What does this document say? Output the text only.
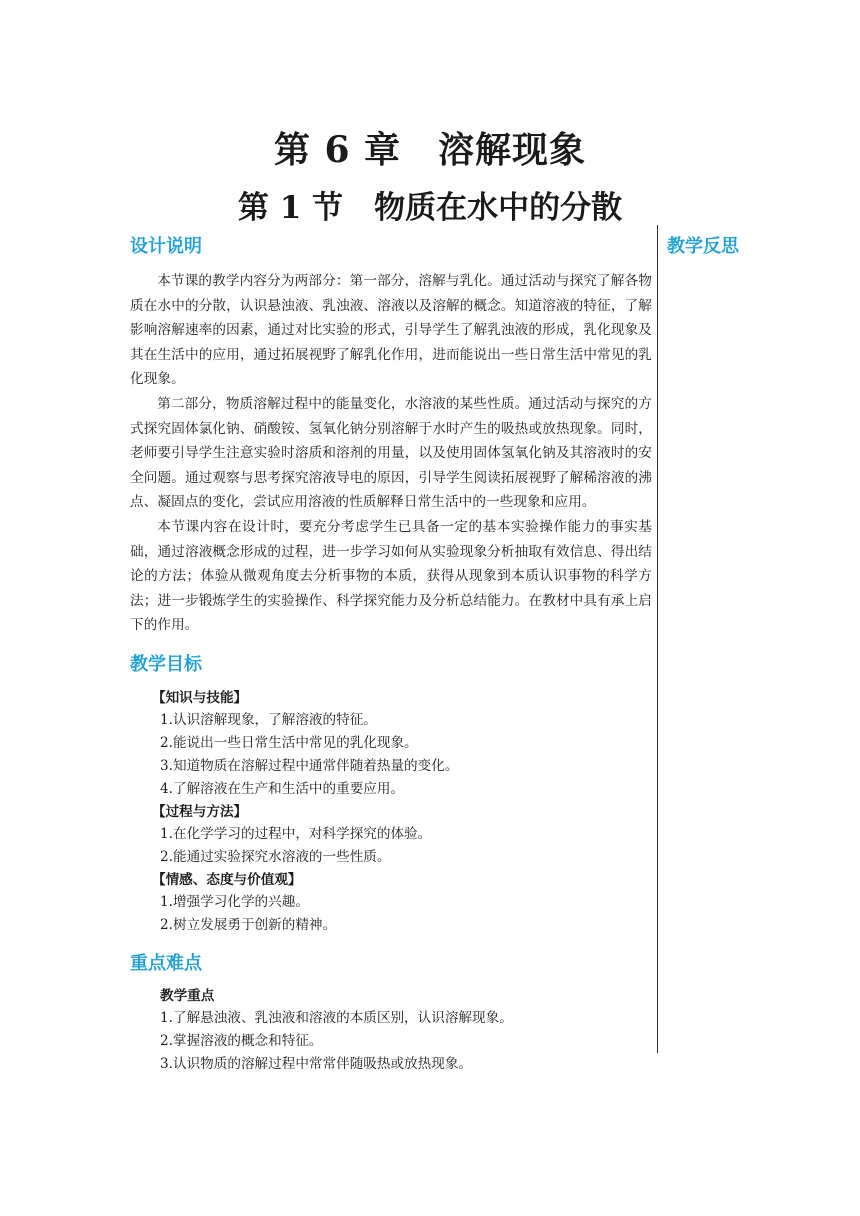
第 6 章　溶解现象
第 1 节　物质在水中的分散
教学反思
设计说明

本节课的教学内容分为两部分：第一部分，溶解与乳化。通过活动与探究了解各物质在水中的分散，认识悬浊液、乳浊液、溶液以及溶解的概念。知道溶液的特征，了解影响溶解速率的因素，通过对比实验的形式，引导学生了解乳浊液的形成，乳化现象及其在生活中的应用，通过拓展视野了解乳化作用，进而能说出一些日常生活中常见的乳化现象。

第二部分，物质溶解过程中的能量变化，水溶液的某些性质。通过活动与探究的方式探究固体氯化钠、硝酸铵、氢氧化钠分别溶解于水时产生的吸热或放热现象。同时，老师要引导学生注意实验时溶质和溶剂的用量，以及使用固体氢氧化钠及其溶液时的安全问题。通过观察与思考探究溶液导电的原因，引导学生阅读拓展视野了解稀溶液的沸点、凝固点的变化，尝试应用溶液的性质解释日常生活中的一些现象和应用。

本节课内容在设计时，要充分考虑学生已具备一定的基本实验操作能力的事实基础，通过溶液概念形成的过程，进一步学习如何从实验现象分析抽取有效信息、得出结论的方法；体验从微观角度去分析事物的本质，获得从现象到本质认识事物的科学方法；进一步锻炼学生的实验操作、科学探究能力及分析总结能力。在教材中具有承上启下的作用。

教学目标

【知识与技能】

1.认识溶解现象，了解溶液的特征。

2.能说出一些日常生活中常见的乳化现象。

3.知道物质在溶解过程中通常伴随着热量的变化。

4.了解溶液在生产和生活中的重要应用。

【过程与方法】

1.在化学学习的过程中，对科学探究的体验。

2.能通过实验探究水溶液的一些性质。

【情感、态度与价值观】

1.增强学习化学的兴趣。

2.树立发展勇于创新的精神。

重点难点

教学重点

1.了解悬浊液、乳浊液和溶液的本质区别，认识溶解现象。

2.掌握溶液的概念和特征。

3.认识物质的溶解过程中常常伴随吸热或放热现象。
